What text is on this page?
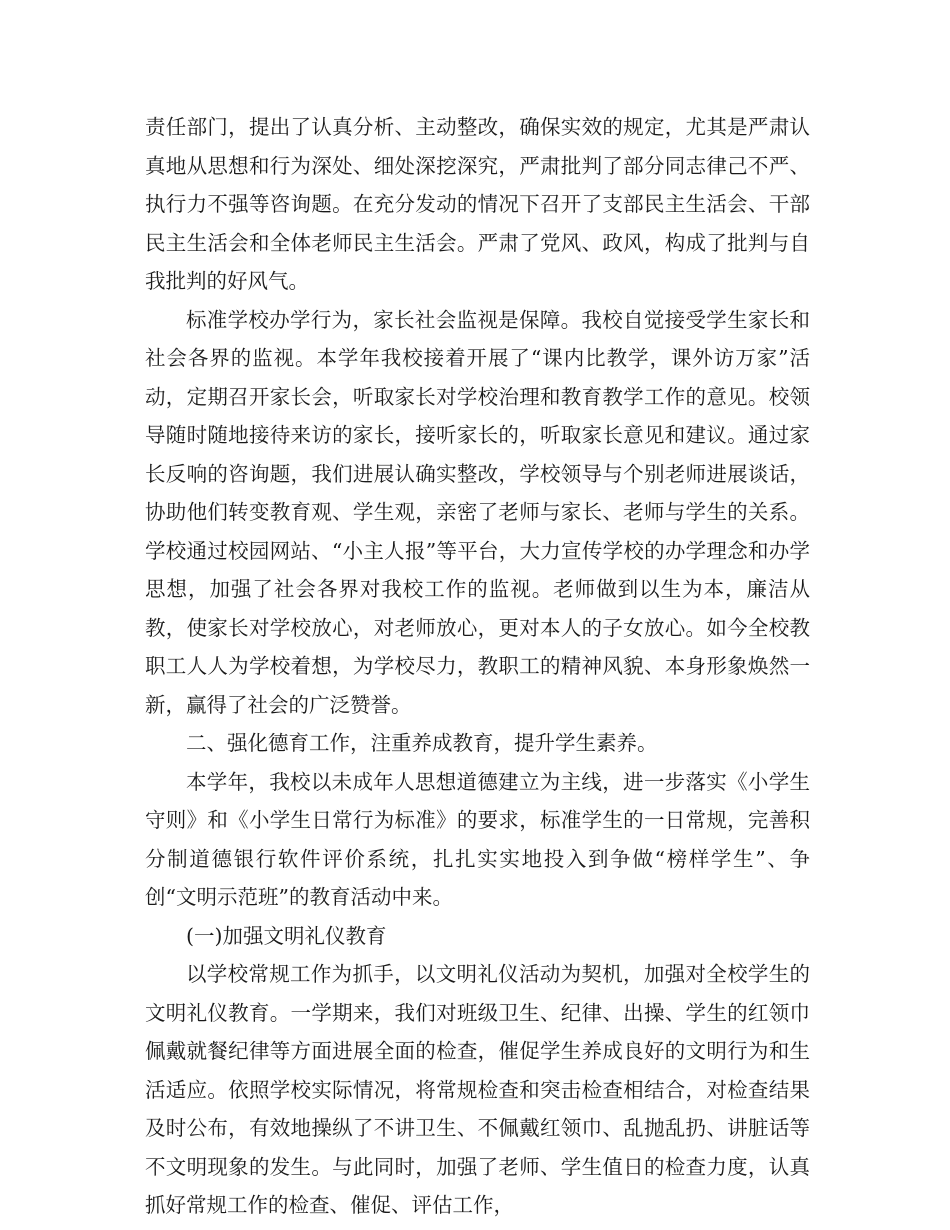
责任部门，提出了认真分析、主动整改，确保实效的规定，尤其是严肃认真地从思想和行为深处、细处深挖深究，严肃批判了部分同志律己不严、执行力不强等咨询题。在充分发动的情况下召开了支部民主生活会、干部民主生活会和全体老师民主生活会。严肃了党风、政风，构成了批判与自我批判的好风气。

标准学校办学行为，家长社会监视是保障。我校自觉接受学生家长和社会各界的监视。本学年我校接着开展了“课内比教学，课外访万家”活动，定期召开家长会，听取家长对学校治理和教育教学工作的意见。校领导随时随地接待来访的家长，接听家长的，听取家长意见和建议。通过家长反响的咨询题，我们进展认确实整改，学校领导与个别老师进展谈话，协助他们转变教育观、学生观，亲密了老师与家长、老师与学生的关系。学校通过校园网站、“小主人报”等平台，大力宣传学校的办学理念和办学思想，加强了社会各界对我校工作的监视。老师做到以生为本，廉洁从教，使家长对学校放心，对老师放心，更对本人的子女放心。如今全校教职工人人为学校着想，为学校尽力，教职工的精神风貌、本身形象焕然一新，赢得了社会的广泛赞誉。

二、强化德育工作，注重养成教育，提升学生素养。

本学年，我校以未成年人思想道德建立为主线，进一步落实《小学生守则》和《小学生日常行为标准》的要求，标准学生的一日常规，完善积分制道德银行软件评价系统，扎扎实实地投入到争做“榜样学生”、争创“文明示范班”的教育活动中来。

(一)加强文明礼仪教育

以学校常规工作为抓手，以文明礼仪活动为契机，加强对全校学生的文明礼仪教育。一学期来，我们对班级卫生、纪律、出操、学生的红领巾佩戴就餐纪律等方面进展全面的检查，催促学生养成良好的文明行为和生活适应。依照学校实际情况，将常规检查和突击检查相结合，对检查结果及时公布，有效地操纵了不讲卫生、不佩戴红领巾、乱抛乱扔、讲脏话等不文明现象的发生。与此同时，加强了老师、学生值日的检查力度，认真抓好常规工作的检查、催促、评估工作，
